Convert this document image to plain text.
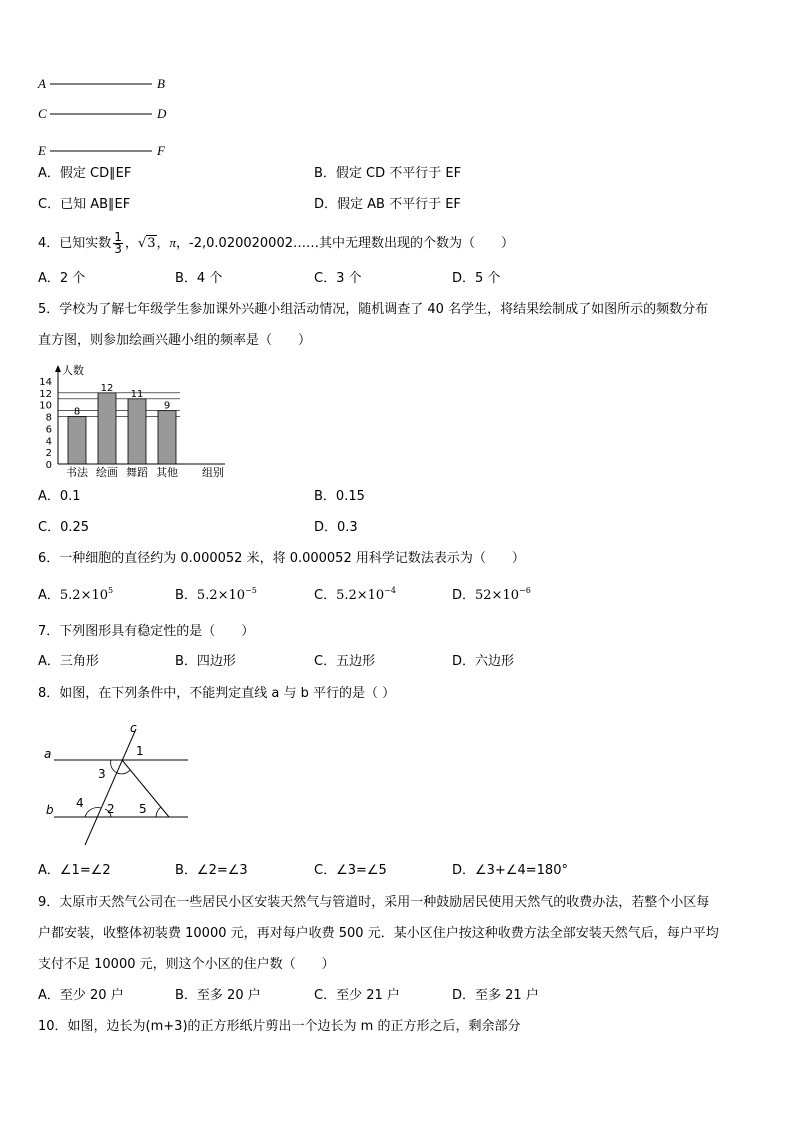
A	B
C	D
E	F
A．假定 CD∥EF	B．假定 CD 不平行于 EF
C．已知 AB∥EF	D．假定 AB 不平行于 EF
4．已知实数 $\frac{1}{3}$ ，√3，π，-2,0.020020002……其中无理数出现的个数为（　　）
A．2 个	B．4 个	C．3 个	D．5 个
5．学校为了解七年级学生参加课外兴趣小组活动情况，随机调查了 40 名学生，将结果绘制成了如图所示的频数分布
直方图，则参加绘画兴趣小组的频率是（　　）
0
2
4
6
8
10
12
14
8
12
11
9
书法 绘画 舞蹈 其他
人数
组别
A．0.1	B．0.15
C．0.25	D．0.3
6．一种细胞的直径约为 0.000052 米，将 0.000052 用科学记数法表示为（　　）
A．$5.2\times 10^5$	B．$5.2\times 10^{-5}$	C．$5.2\times 10^{-4}$	D．$52\times 10^{-6}$
7．下列图形具有稳定性的是（　　）
A．三角形	B．四边形	C．五边形	D．六边形
8．如图，在下列条件中，不能判定直线 a 与 b 平行的是（ ）
c
a
b
1
3
4 2 5
A．∠1=∠2	B．∠2=∠3	C．∠3=∠5	D．∠3+∠4=180°
9．太原市天然气公司在一些居民小区安装天然气与管道时，采用一种鼓励居民使用天然气的收费办法，若整个小区每
户都安装，收整体初装费 10000 元，再对每户收费 500 元．某小区住户按这种收费方法全部安装天然气后，每户平均
支付不足 10000 元，则这个小区的住户数（　　）
A．至少 20 户	B．至多 20 户	C．至少 21 户	D．至多 21 户
10．如图，边长为(m+3)的正方形纸片剪出一个边长为 m 的正方形之后，剩余部分
